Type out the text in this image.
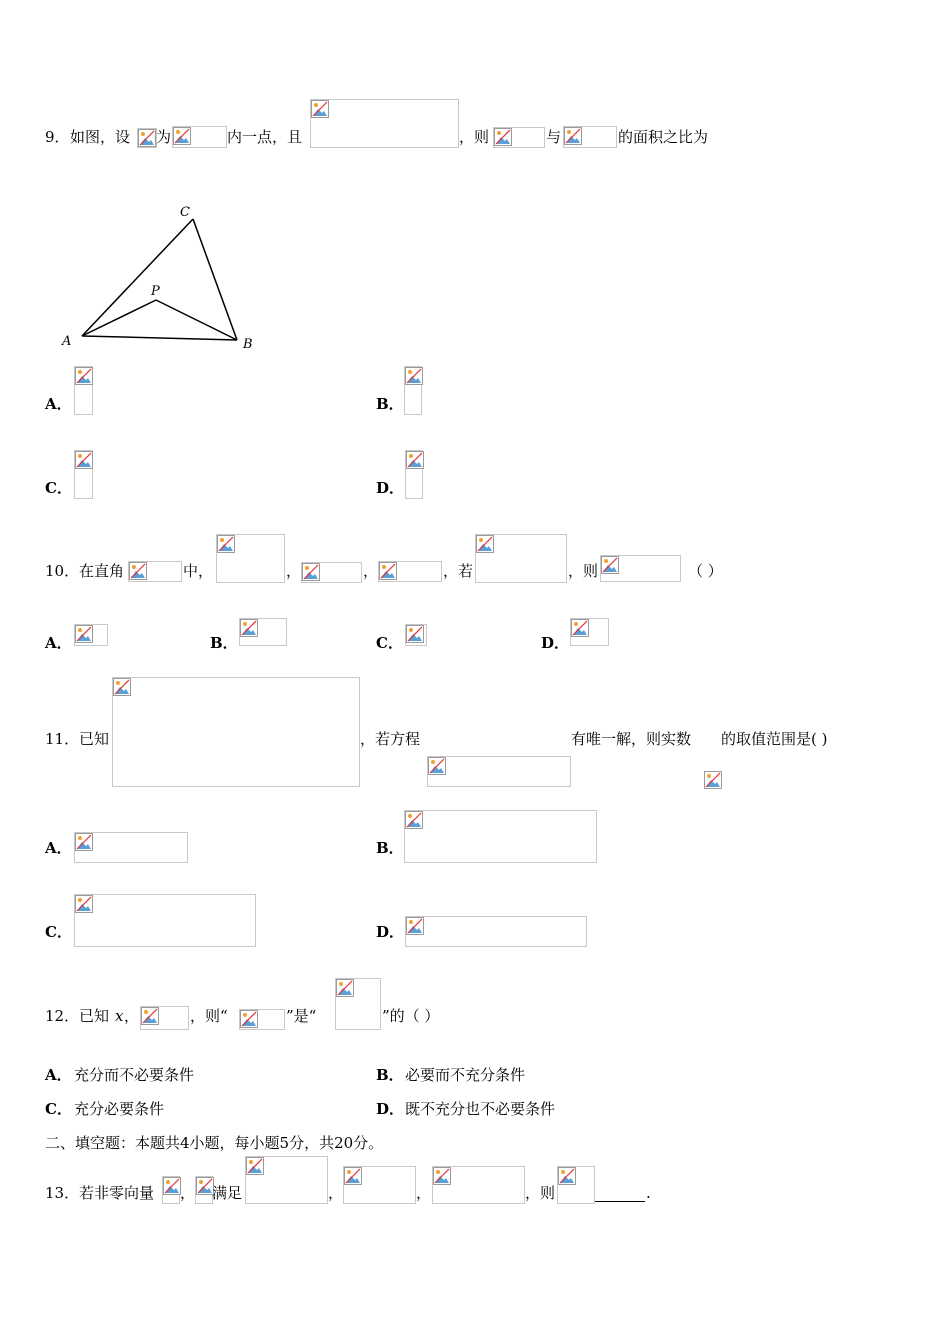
9． 如图，设 为	内一点，且	，则	与	的面积之比为
C
P
A	B
A．	B．
C．	D．
10． 在直角	中，	，	，	，若	，则	（ ）
A．	B．	C．	D．
11． 已知	，若方程	有唯一解，则实数 的取值范围是( )
A．	B．
C．	D．
12． 已知 x ，	，则“	”是“	”的（ ）
A． 充分而不必要条件	B． 必要而不充分条件
C． 充分必要条件	D． 既不充分也不必要条件
二、填空题：本题共4小题，每小题5分，共20分。
13． 若非零向量 ， 满足	，	，	，则	.
